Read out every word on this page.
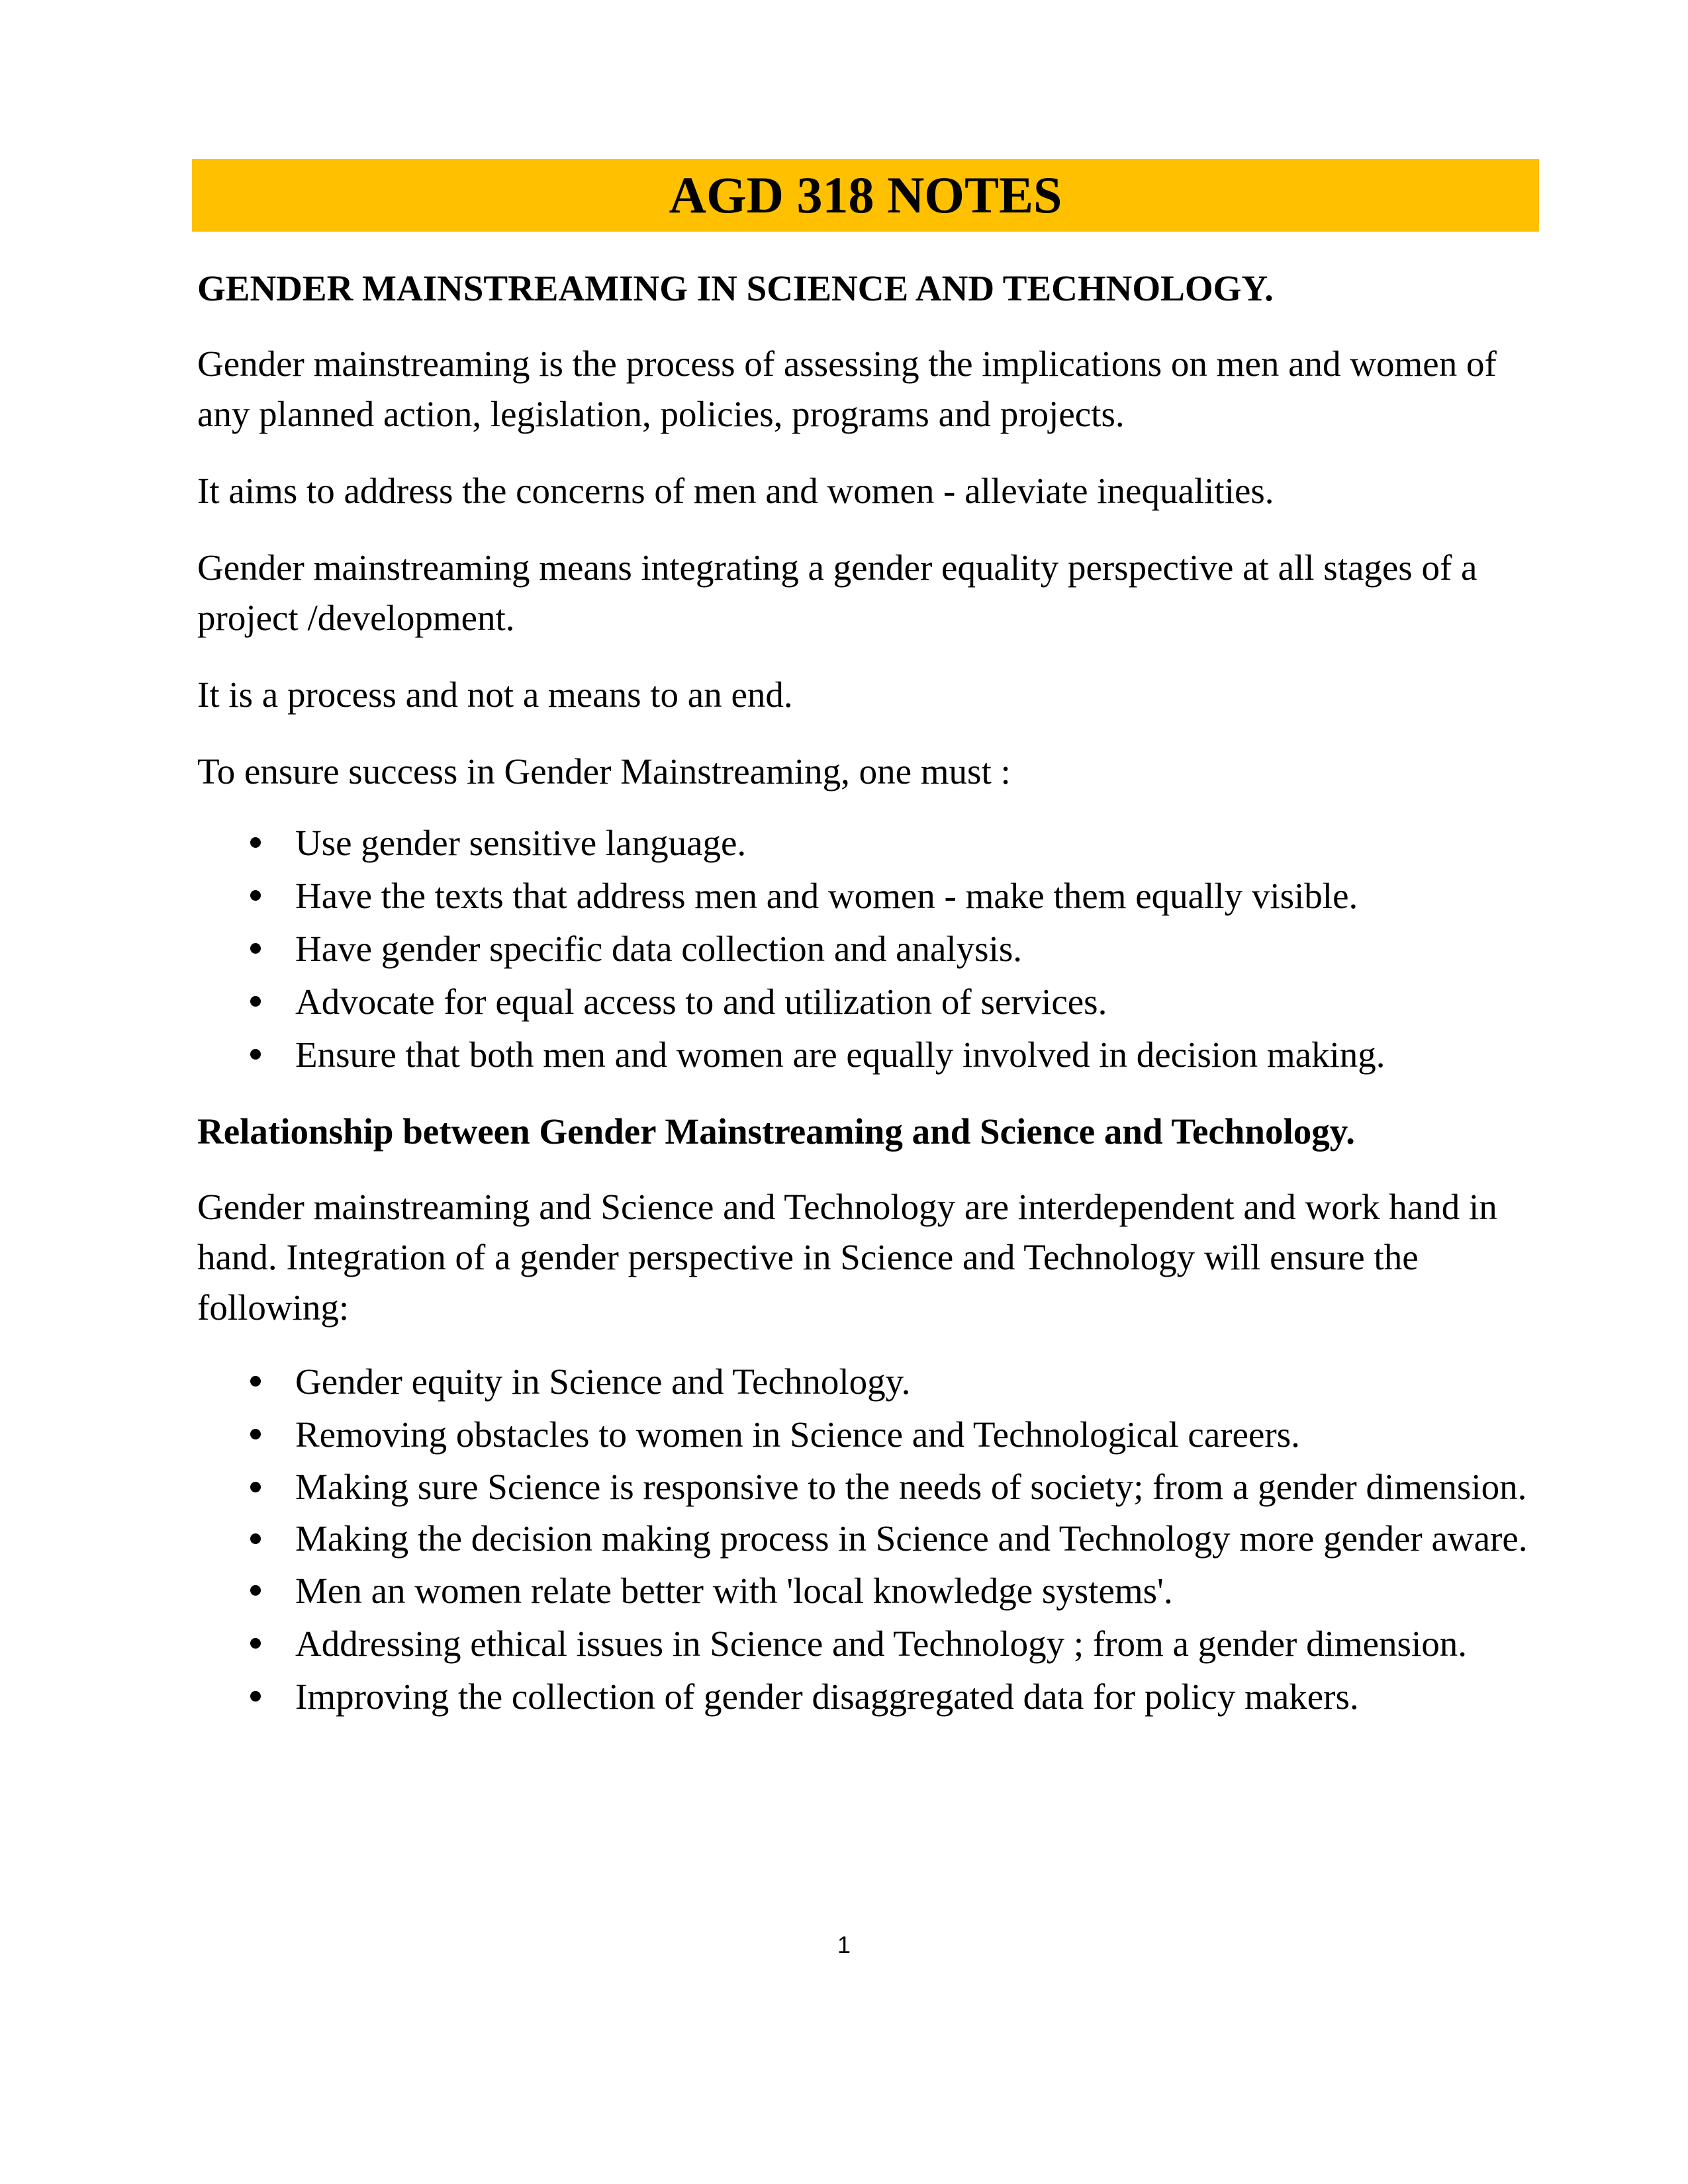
AGD 318 NOTES
GENDER MAINSTREAMING IN SCIENCE AND TECHNOLOGY.

Gender mainstreaming is the process of assessing the implications on men and women of any planned action, legislation, policies, programs and projects.

It aims to address the concerns of men and women - alleviate inequalities.

Gender mainstreaming means integrating a gender equality perspective at all stages of a project /development.

It is a process and not a means to an end.

To ensure success in Gender Mainstreaming, one must :

Use gender sensitive language.
Have the texts that address men and women - make them equally visible.
Have gender specific data collection and analysis.
Advocate for equal access to and utilization of services.
Ensure that both men and women are equally involved in decision making.
Relationship between Gender Mainstreaming and Science and Technology.

Gender mainstreaming and Science and Technology are interdependent and work hand in hand. Integration of a gender perspective in Science and Technology will ensure the following:

Gender equity in Science and Technology.
Removing obstacles to women in Science and Technological careers.
Making sure Science is responsive to the needs of society; from a gender dimension.
Making the decision making process in Science and Technology more gender aware.
Men an women relate better with 'local knowledge systems'.
Addressing ethical issues in Science and Technology ; from a gender dimension.
Improving the collection of gender disaggregated data for policy makers.
1
